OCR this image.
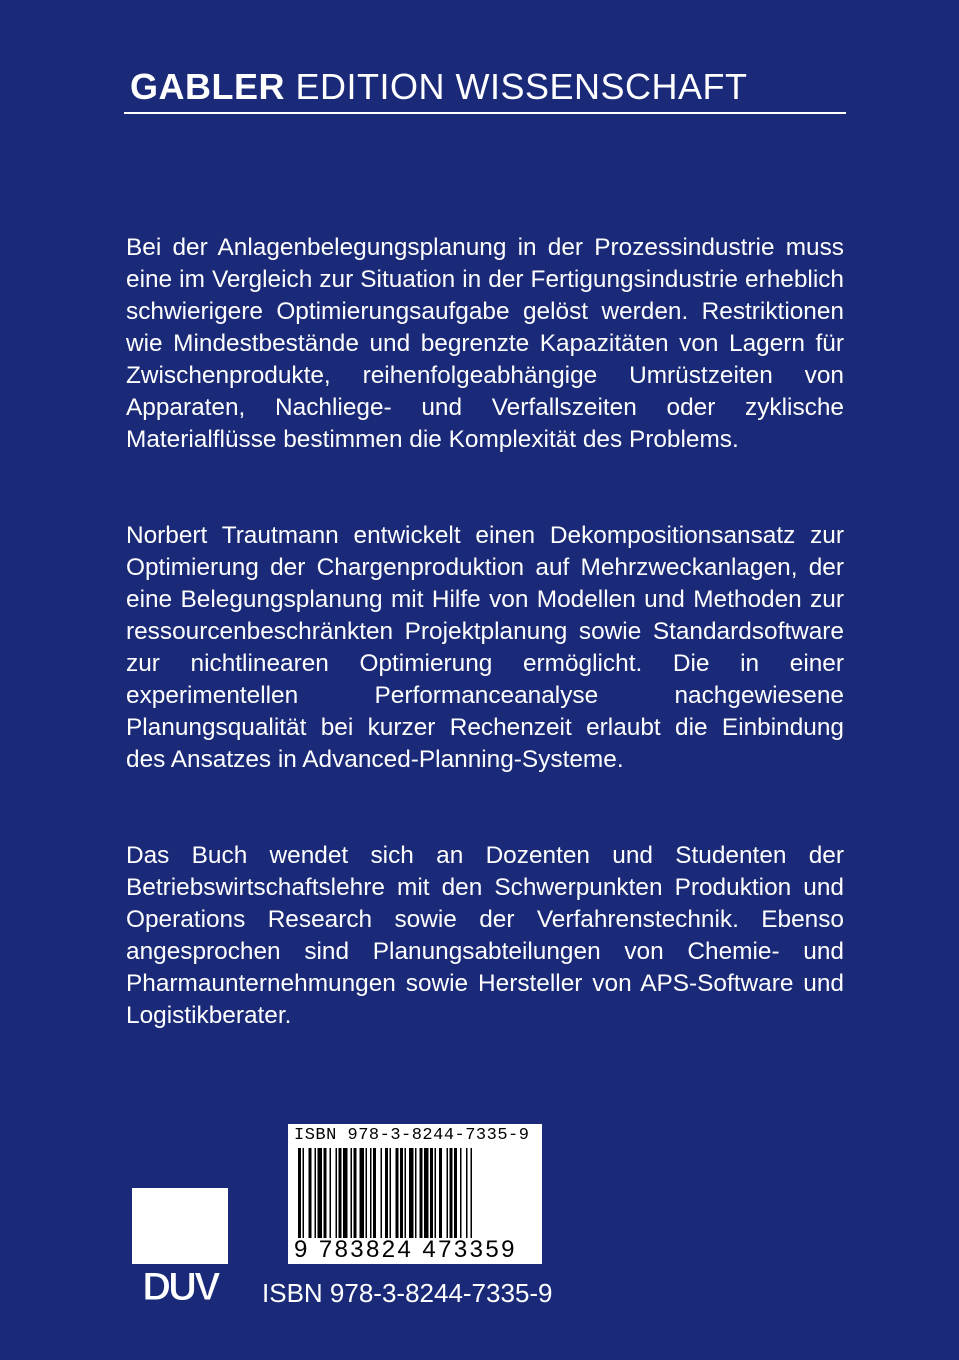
GABLER EDITION WISSENSCHAFT

Bei der Anlagenbelegungsplanung in der Prozessindustrie muss eine im Vergleich zur Situation in der Fertigungsindustrie erheblich schwierigere Optimierungsaufgabe gelöst werden. Restriktionen wie Mindestbestände und begrenzte Kapazitäten von Lagern für Zwischenprodukte, reihenfolgeabhängige Umrüstzeiten von Apparaten, Nachliege- und Verfallszeiten oder zyklische Materialflüsse bestimmen die Komplexität des Problems.

Norbert Trautmann entwickelt einen Dekompositionsansatz zur Optimierung der Chargenproduktion auf Mehrzweckanlagen, der eine Belegungsplanung mit Hilfe von Modellen und Methoden zur ressourcenbeschränkten Projektplanung sowie Standardsoftware zur nichtlinearen Optimierung ermöglicht. Die in einer experimentellen Performanceanalyse nachgewiesene Planungsqualität bei kurzer Rechenzeit erlaubt die Einbindung des Ansatzes in Advanced-Planning-Systeme.

Das Buch wendet sich an Dozenten und Studenten der Betriebswirtschaftslehre mit den Schwerpunkten Produktion und Operations Research sowie der Verfahrenstechnik. Ebenso angesprochen sind Planungsabteilungen von Chemie- und Pharmaunternehmungen sowie Hersteller von APS-Software und Logistikberater.

ISBN 978-3-8244-7335-9
9 783824 473359
DUV ISBN 978-3-8244-7335-9
